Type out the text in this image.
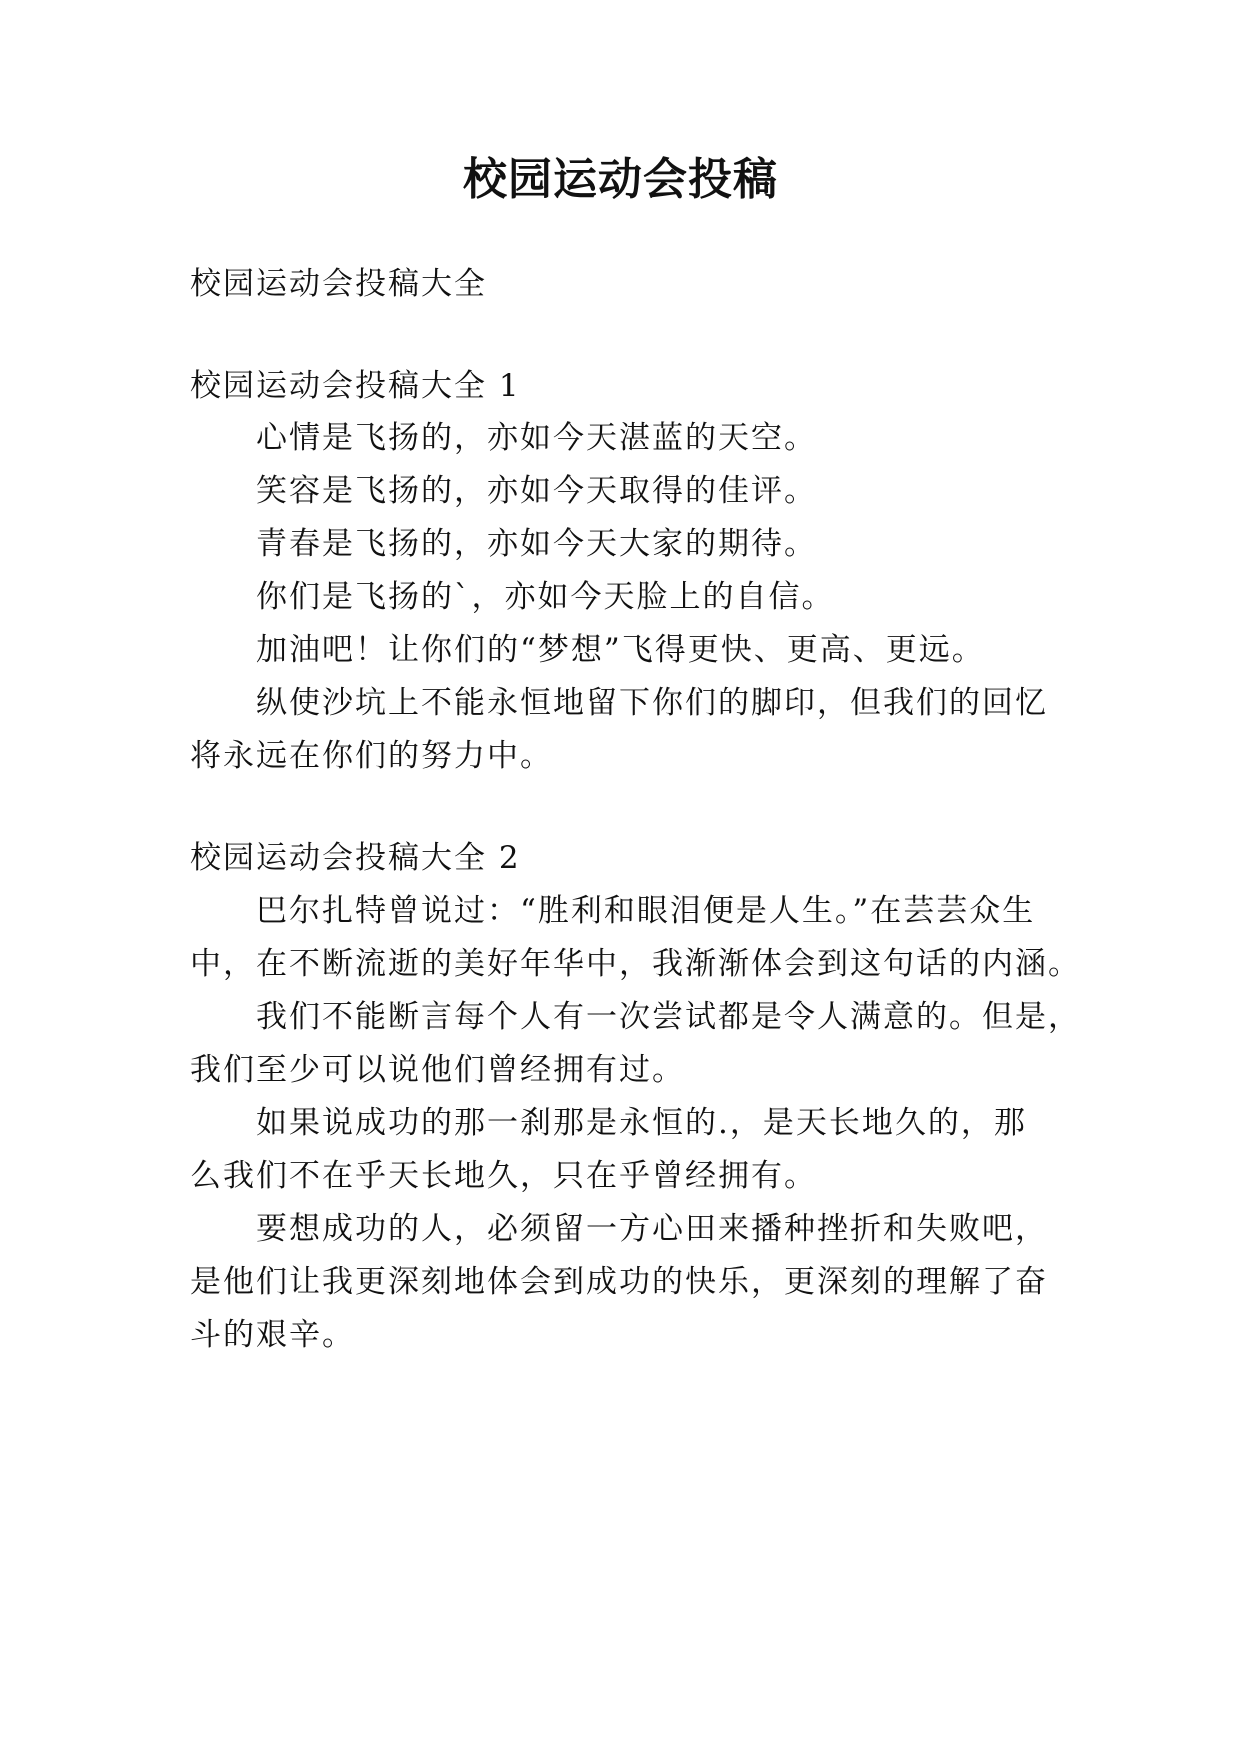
校园运动会投稿
校园运动会投稿大全
校园运动会投稿大全 1
心情是飞扬的，亦如今天湛蓝的天空。
笑容是飞扬的，亦如今天取得的佳评。
青春是飞扬的，亦如今天大家的期待。
你们是飞扬的`，亦如今天脸上的自信。
加油吧！让你们的“梦想”飞得更快、更高、更远。
纵使沙坑上不能永恒地留下你们的脚印，但我们的回忆
将永远在你们的努力中。
校园运动会投稿大全 2
巴尔扎特曾说过：“胜利和眼泪便是人生。”在芸芸众生
中，在不断流逝的美好年华中，我渐渐体会到这句话的内涵。
我们不能断言每个人有一次尝试都是令人满意的。但是，
我们至少可以说他们曾经拥有过。
如果说成功的那一刹那是永恒的.，是天长地久的，那
么我们不在乎天长地久，只在乎曾经拥有。
要想成功的人，必须留一方心田来播种挫折和失败吧，
是他们让我更深刻地体会到成功的快乐，更深刻的理解了奋
斗的艰辛。
